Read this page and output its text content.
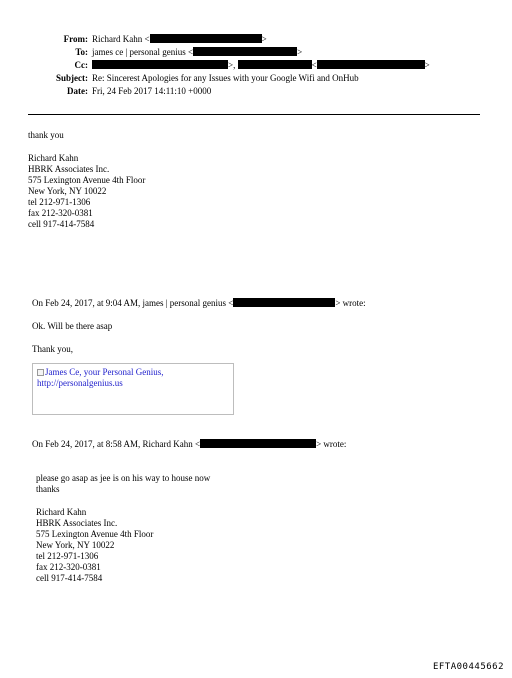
From: Richard Kahn <	>
To: james ce | personal genius <	>
Cc:	>,	<	>
Subject: Re: Sincerest Apologies for any Issues with your Google Wifi and OnHub
Date: Fri, 24 Feb 2017 14:11:10 +0000
thank you
Richard Kahn
HBRK Associates Inc.
575 Lexington Avenue 4th Floor
New York, NY 10022
tel 212-971-1306
fax 212-320-0381
cell 917-414-7584
On Feb 24, 2017, at 9:04 AM, james | personal genius <	> wrote:
Ok. Will be there asap
Thank you,
James Ce, your Personal Genius,
http://personalgenius.us
On Feb 24, 2017, at 8:58 AM, Richard Kahn <	> wrote:
please go asap as jee is on his way to house now
thanks
Richard Kahn
HBRK Associates Inc.
575 Lexington Avenue 4th Floor
New York, NY 10022
tel 212-971-1306
fax 212-320-0381
cell 917-414-7584
EFTA00445662
